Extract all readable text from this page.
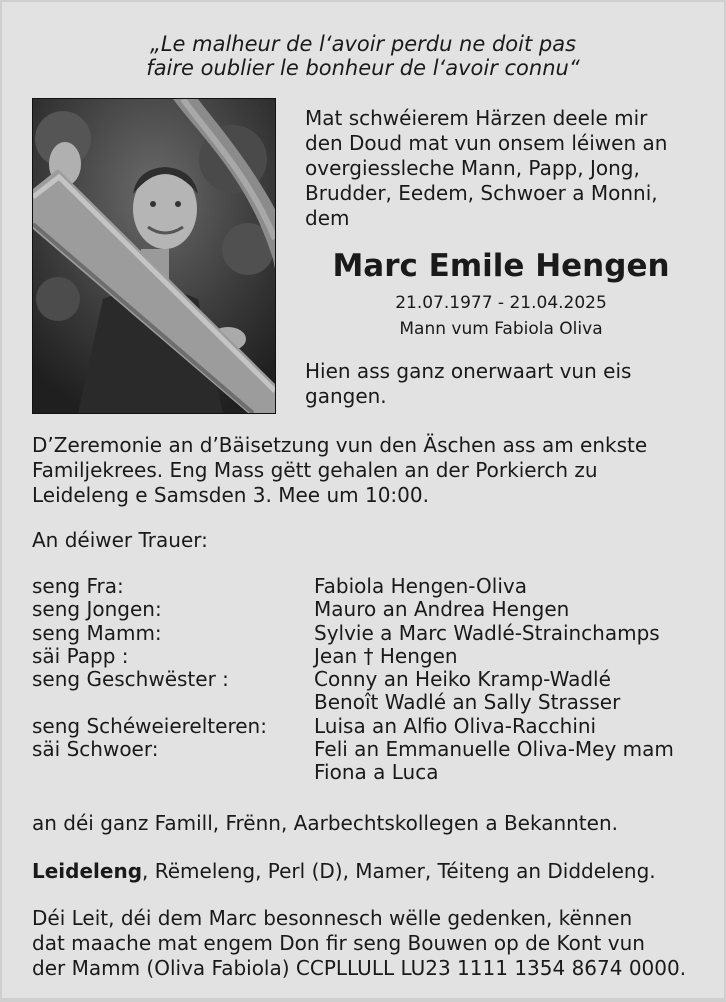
„Le malheur de l‘avoir perdu ne doit pas
faire oublier le bonheur de l‘avoir connu“
Mat schwéierem Härzen deele mir
den Doud mat vun onsem léiwen an
overgiessleche Mann, Papp, Jong,
Brudder, Eedem, Schwoer a Monni,
dem
Marc Emile Hengen
21.07.1977 - 21.04.2025
Mann vum Fabiola Oliva
Hien ass ganz onerwaart vun eis
gangen.
D’Zeremonie an d’Bäisetzung vun den Äschen ass am enkste
Familjekrees. Eng Mass gëtt gehalen an der Porkierch zu
Leideleng e Samsden 3. Mee um 10:00.
An déiwer Trauer:
seng Fra:	Fabiola Hengen-Oliva
seng Jongen:	Mauro an Andrea Hengen
seng Mamm:	Sylvie a Marc Wadlé-Strainchamps
säi Papp :	Jean † Hengen
seng Geschwëster :	Conny an Heiko Kramp-Wadlé
Benoît Wadlé an Sally Strasser
seng Schéweierelteren:	Luisa an Alfio Oliva-Racchini
säi Schwoer:	Feli an Emmanuelle Oliva-Mey mam
Fiona a Luca
an déi ganz Famill, Frënn, Aarbechtskollegen a Bekannten.
Leideleng, Rëmeleng, Perl (D), Mamer, Téiteng an Diddeleng.
Déi Leit, déi dem Marc besonnesch wëlle gedenken, kënnen
dat maache mat engem Don fir seng Bouwen op de Kont vun
der Mamm (Oliva Fabiola) CCPLLULL LU23 1111 1354 8674 0000.
